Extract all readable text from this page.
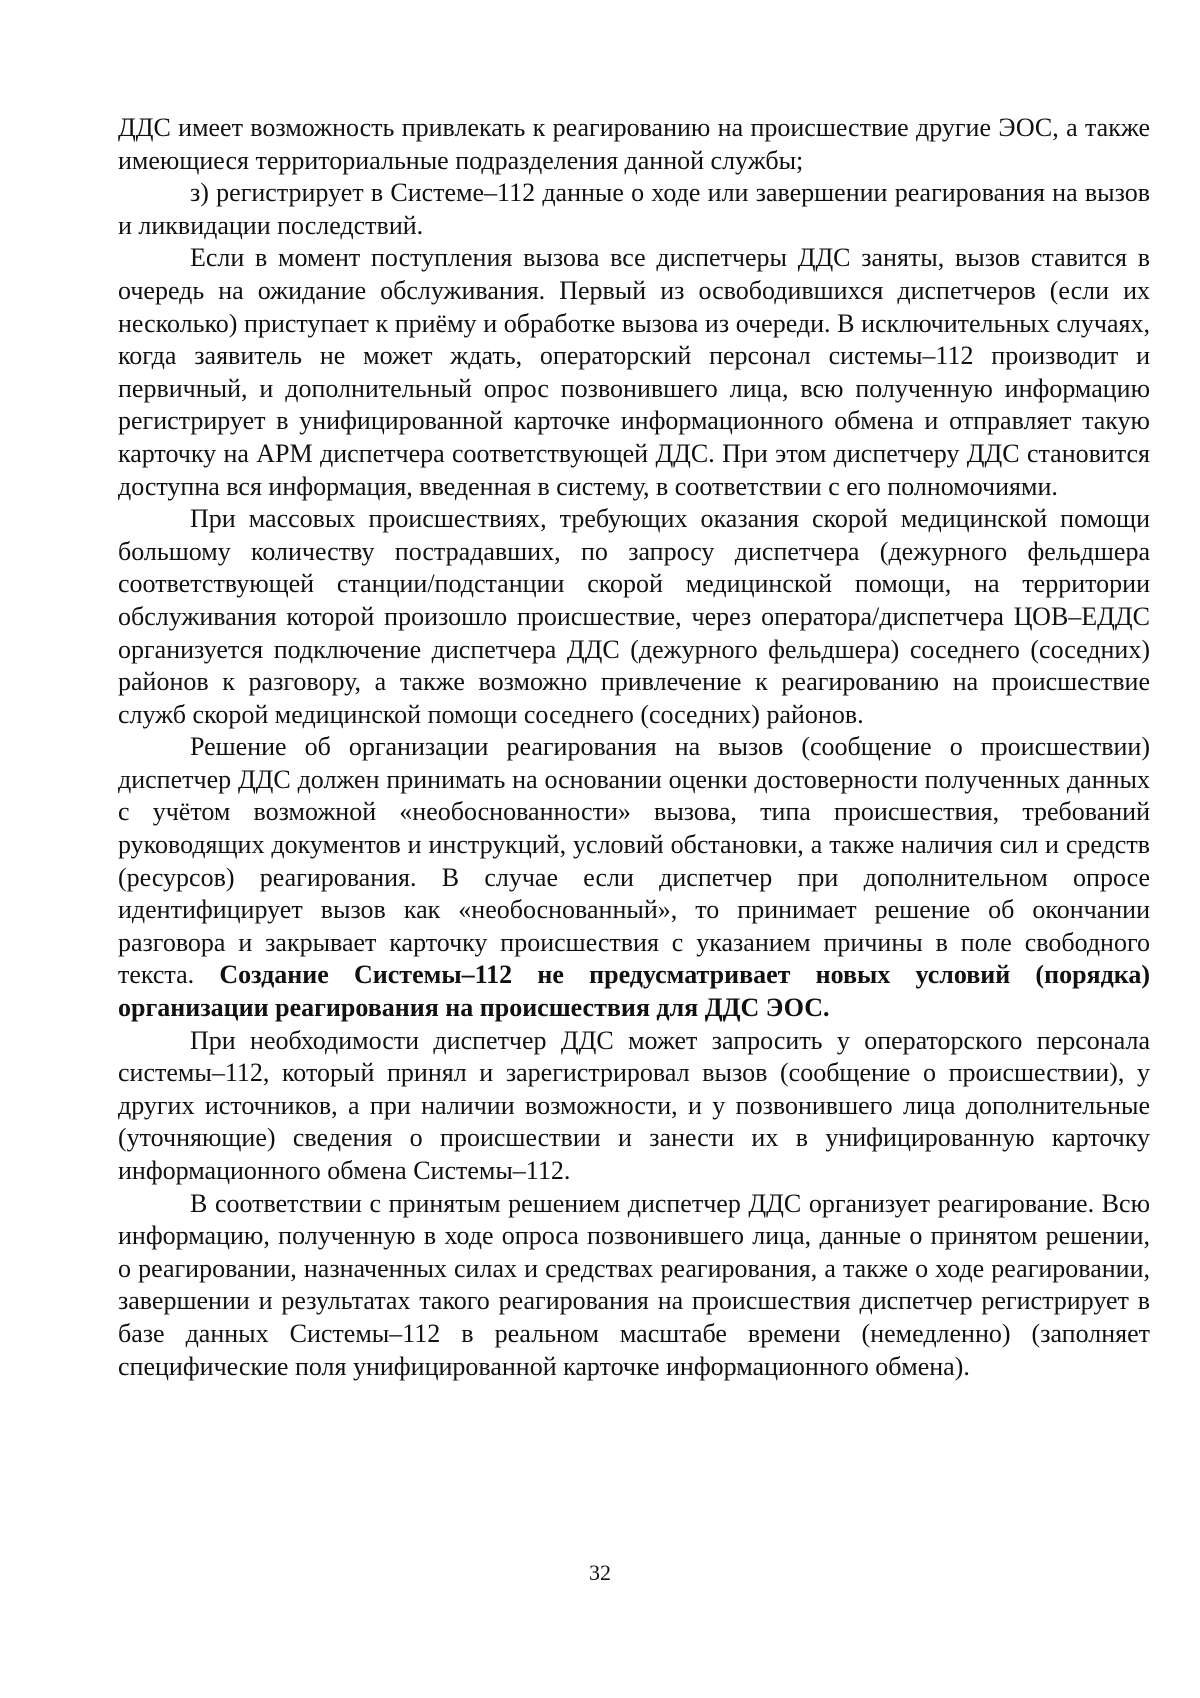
ДДС имеет возможность привлекать к реагированию на происшествие другие ЭОС, а также имеющиеся территориальные подразделения данной службы;

з) регистрирует в Системе–112 данные о ходе или завершении реагирования на вызов и ликвидации последствий.

Если в момент поступления вызова все диспетчеры ДДС заняты, вызов ставится в очередь на ожидание обслуживания. Первый из освободившихся диспетчеров (если их несколько) приступает к приёму и обработке вызова из очереди. В исключительных случаях, когда заявитель не может ждать, операторский персонал системы–112 производит и первичный, и дополнительный опрос позвонившего лица, всю полученную информацию регистрирует в унифицированной карточке информационного обмена и отправляет такую карточку на АРМ диспетчера соответствующей ДДС. При этом диспетчеру ДДС становится доступна вся информация, введенная в систему, в соответствии с его полномочиями.

При массовых происшествиях, требующих оказания скорой медицинской помощи большому количеству пострадавших, по запросу диспетчера (дежурного фельдшера соответствующей станции/подстанции скорой медицинской помощи, на территории обслуживания которой произошло происшествие, через оператора/диспетчера ЦОВ–ЕДДС организуется подключение диспетчера ДДС (дежурного фельдшера) соседнего (соседних) районов к разговору, а также возможно привлечение к реагированию на происшествие служб скорой медицинской помощи соседнего (соседних) районов.

Решение об организации реагирования на вызов (сообщение о происшествии) диспетчер ДДС должен принимать на основании оценки достоверности полученных данных с учётом возможной «необоснованности» вызова, типа происшествия, требований руководящих документов и инструкций, условий обстановки, а также наличия сил и средств (ресурсов) реагирования. В случае если диспетчер при дополнительном опросе идентифицирует вызов как «необоснованный», то принимает решение об окончании разговора и закрывает карточку происшествия с указанием причины в поле свободного текста. Создание Системы–112 не предусматривает новых условий (порядка) организации реагирования на происшествия для ДДС ЭОС.

При необходимости диспетчер ДДС может запросить у операторского персонала системы–112, который принял и зарегистрировал вызов (сообщение о происшествии), у других источников, а при наличии возможности, и у позвонившего лица дополнительные (уточняющие) сведения о происшествии и занести их в унифицированную карточку информационного обмена Системы–112.

В соответствии с принятым решением диспетчер ДДС организует реагирование. Всю информацию, полученную в ходе опроса позвонившего лица, данные о принятом решении, о реагировании, назначенных силах и средствах реагирования, а также о ходе реагировании, завершении и результатах такого реагирования на происшествия диспетчер регистрирует в базе данных Системы–112 в реальном масштабе времени (немедленно) (заполняет специфические поля унифицированной карточке информационного обмена).

32
